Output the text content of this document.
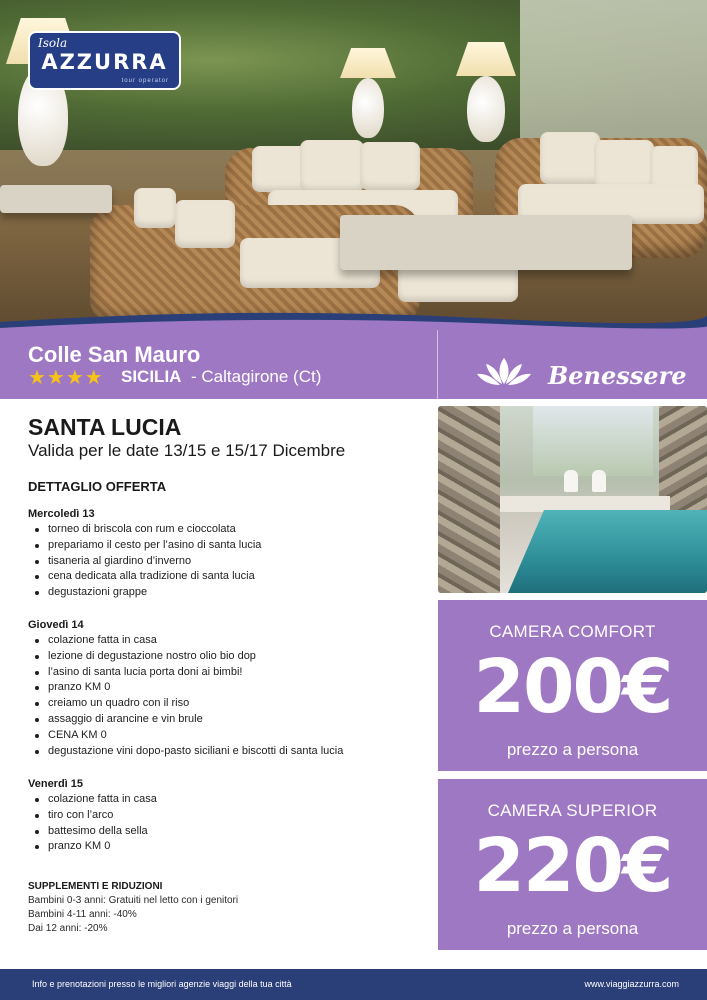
Isola
AZZURRA
tour operator
Colle San Mauro
★★★★ SICILIA - Caltagirone (Ct)	Benessere
SANTA LUCIA
Valida per le date 13/15 e 15/17 Dicembre
DETTAGLIO OFFERTA
Mercoledì 13
torneo di briscola con rum e cioccolata
prepariamo il cesto per l’asino di santa lucia
tisaneria al giardino d’inverno
cena dedicata alla tradizione di santa lucia
degustazioni grappe
Giovedì 14
colazione fatta in casa
lezione di degustazione nostro olio bio dop
l’asino di santa lucia porta doni ai bimbi!
pranzo KM 0
creiamo un quadro con il riso
assaggio di arancine e vin brule
CENA KM 0
degustazione vini dopo-pasto siciliani e biscotti di santa lucia
Venerdì 15
colazione fatta in casa
tiro con l’arco
battesimo della sella
pranzo KM 0
SUPPLEMENTI E RIDUZIONI
Bambini 0-3 anni: Gratuiti nel letto con i genitori
Bambini 4-11 anni: -40%
Dai 12 anni: -20%
CAMERA COMFORT
200€
prezzo a persona
CAMERA SUPERIOR
220€
prezzo a persona
Info e prenotazioni presso le migliori agenzie viaggi della tua città	www.viaggiazzurra.com
